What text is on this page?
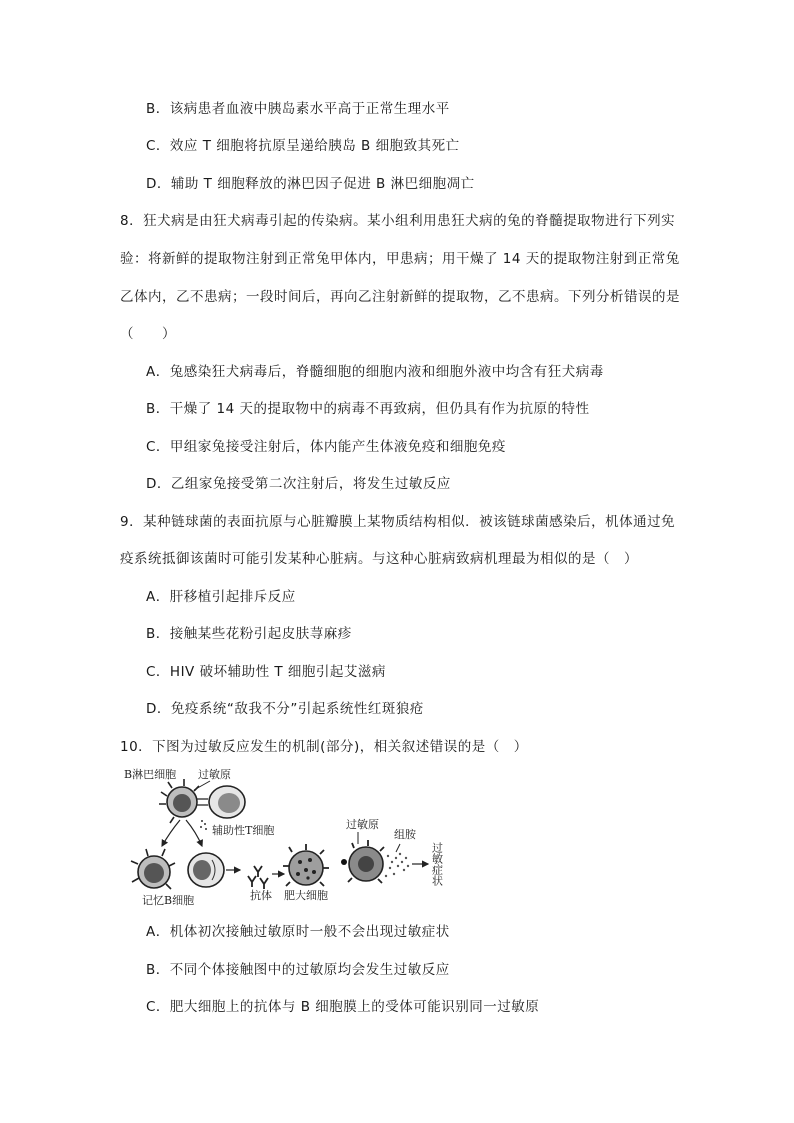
B．该病患者血液中胰岛素水平高于正常生理水平
C．效应 T 细胞将抗原呈递给胰岛 B 细胞致其死亡
D．辅助 T 细胞释放的淋巴因子促进 B 淋巴细胞凋亡
8．狂犬病是由狂犬病毒引起的传染病。某小组利用患狂犬病的兔的脊髓提取物进行下列实
验：将新鲜的提取物注射到正常兔甲体内，甲患病；用干燥了 14 天的提取物注射到正常兔
乙体内，乙不患病；一段时间后，再向乙注射新鲜的提取物，乙不患病。下列分析错误的是
（　　）
A．兔感染狂犬病毒后，脊髓细胞的细胞内液和细胞外液中均含有狂犬病毒
B．干燥了 14 天的提取物中的病毒不再致病，但仍具有作为抗原的特性
C．甲组家兔接受注射后，体内能产生体液免疫和细胞免疫
D．乙组家兔接受第二次注射后，将发生过敏反应
9．某种链球菌的表面抗原与心脏瓣膜上某物质结构相似．被该链球菌感染后，机体通过免
疫系统抵御该菌时可能引发某种心脏病。与这种心脏病致病机理最为相似的是（　）
A．肝移植引起排斥反应
B．接触某些花粉引起皮肤荨麻疹
C．HIV 破坏辅助性 T 细胞引起艾滋病
D．免疫系统“敌我不分”引起系统性红斑狼疮
10．下图为过敏反应发生的机制(部分)，相关叙述错误的是（　）
B淋巴细胞 过敏原
辅助性T细胞
记忆B细胞	抗体 肥大细胞
过敏原
组胺
过敏症状
A．机体初次接触过敏原时一般不会出现过敏症状
B．不同个体接触图中的过敏原均会发生过敏反应
C．肥大细胞上的抗体与 B 细胞膜上的受体可能识别同一过敏原
